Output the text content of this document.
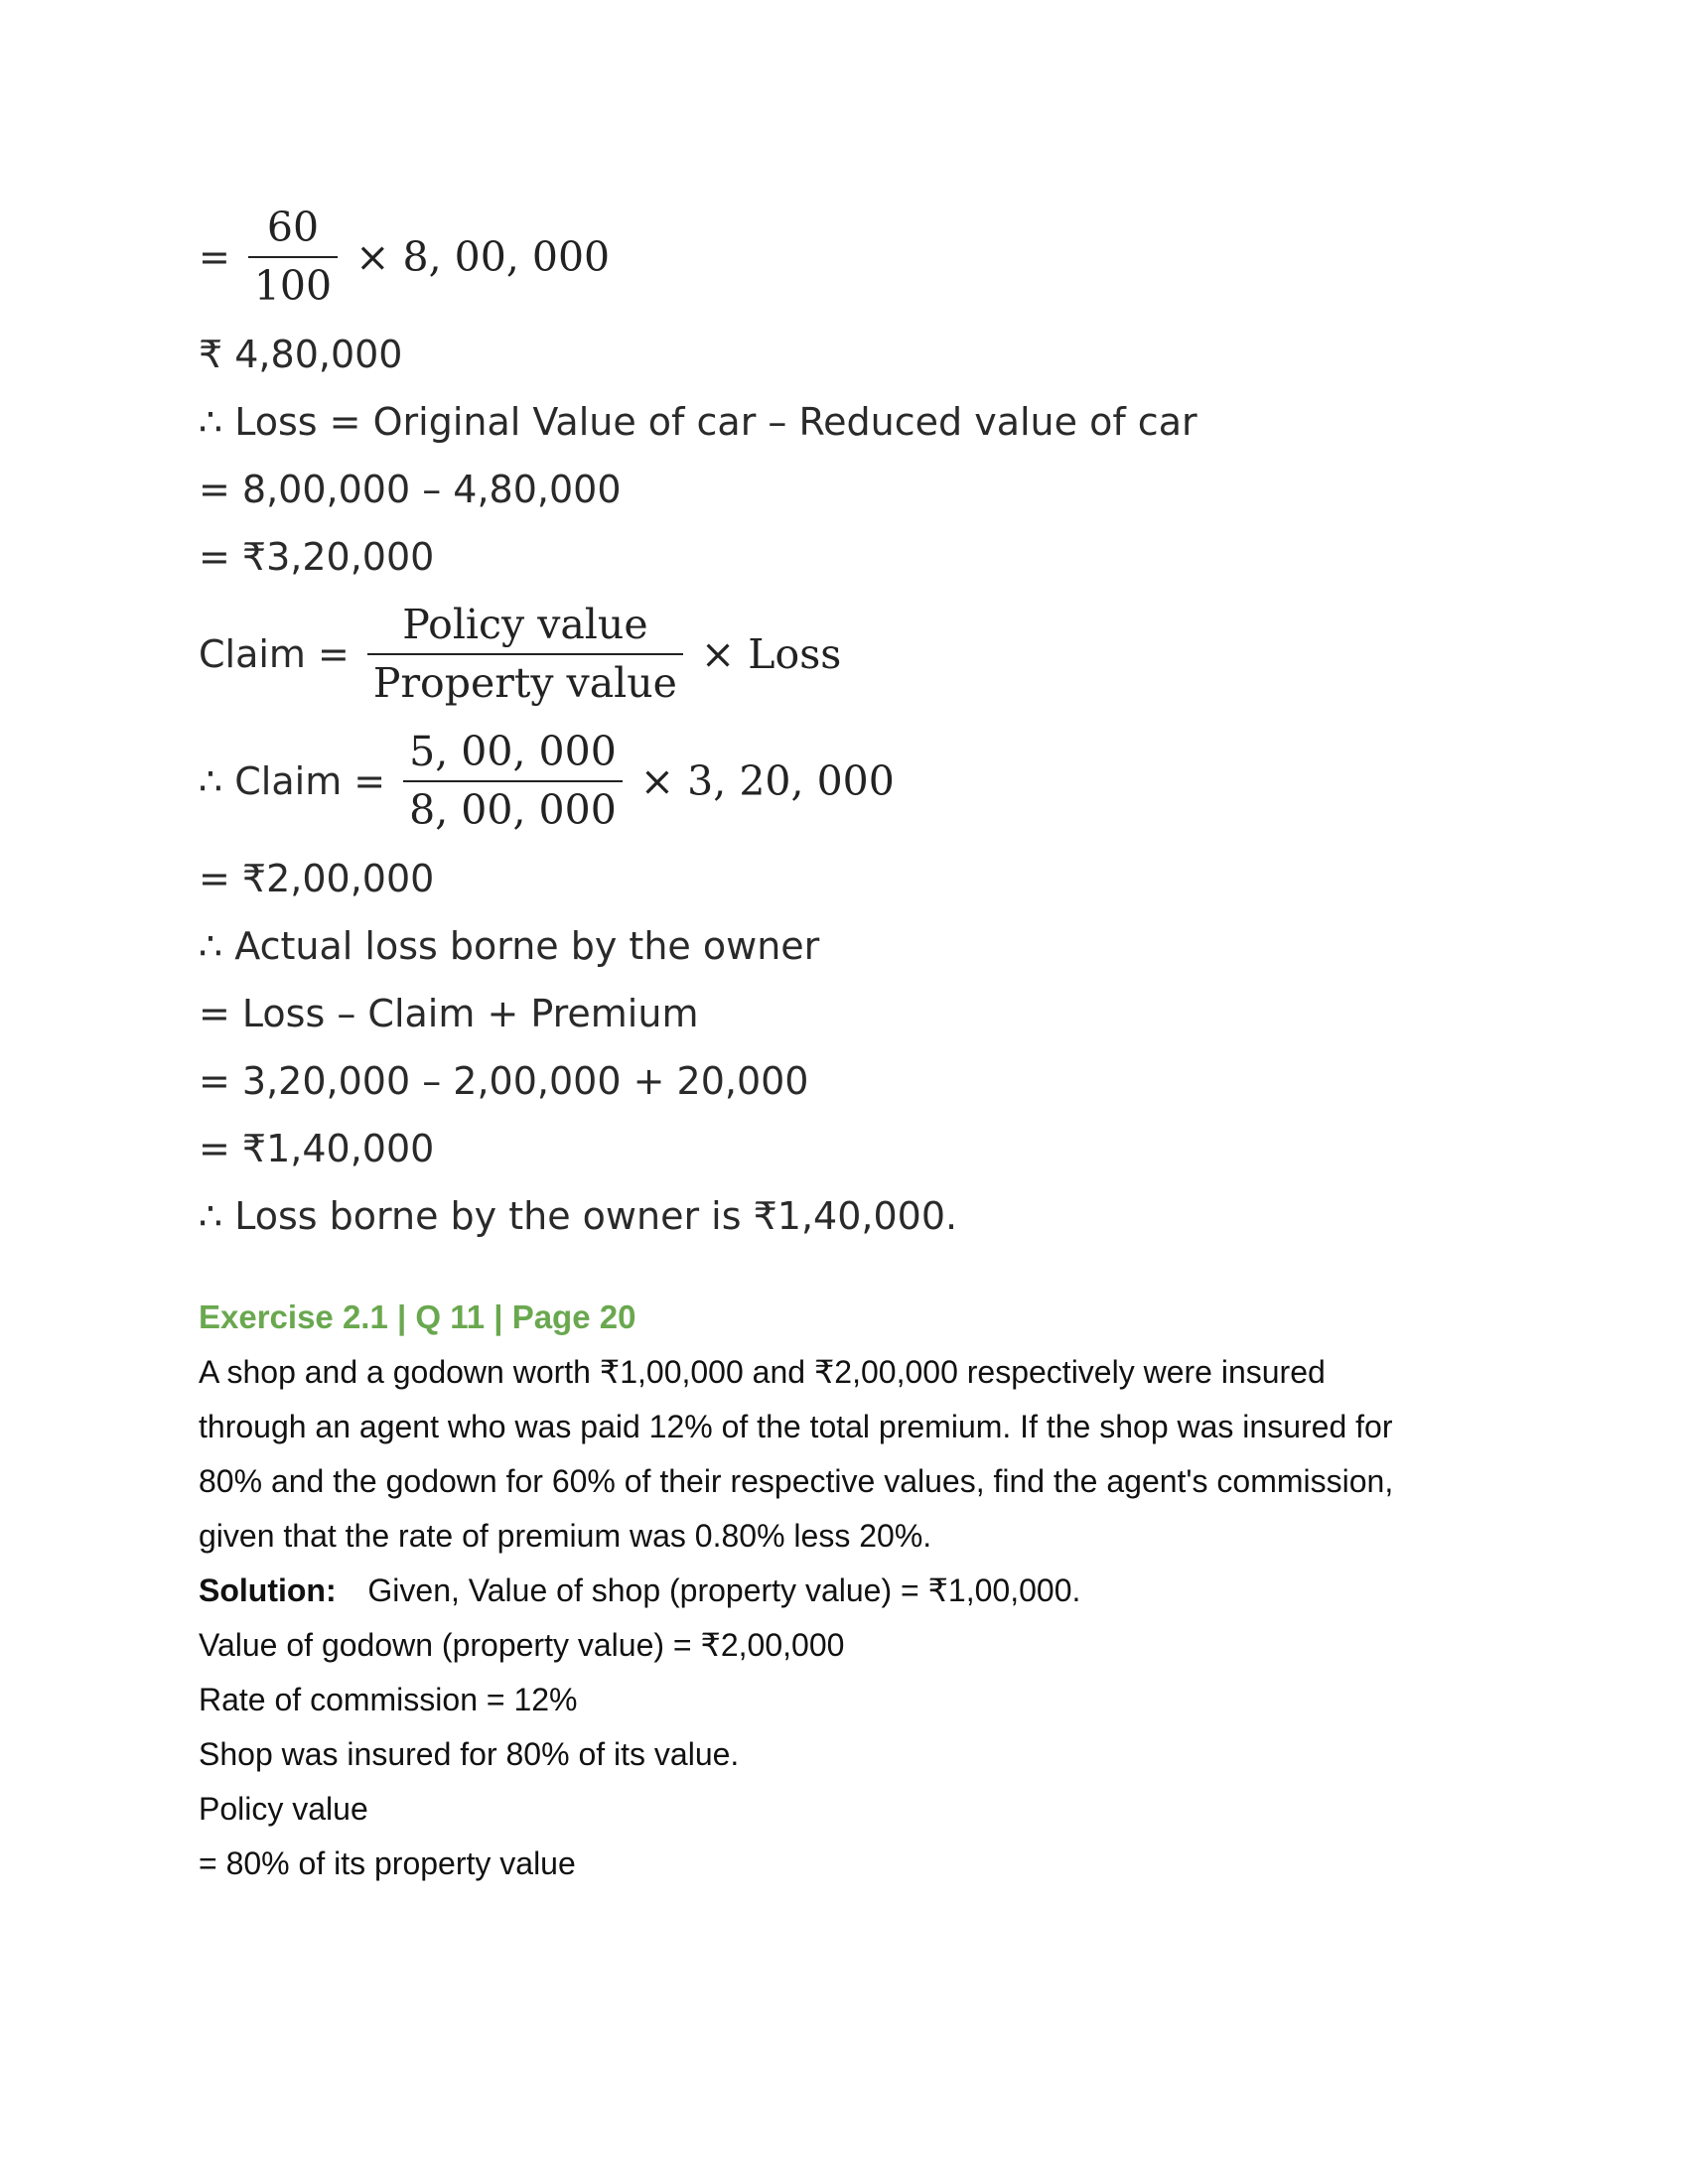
= $\frac{60}{100} \times 8$, 00, 000
₹ 4,80,000
∴ Loss = Original Value of car – Reduced value of car
= 8,00,000 – 4,80,000
= ₹3,20,000
Claim = $\frac{\text{Policy value}}{\text{Property value}}$ × Loss
∴ Claim = $\frac{5, 00, 000}{8, 00, 000} \times 3$, 20, 000
= ₹2,00,000
∴ Actual loss borne by the owner
= Loss – Claim + Premium
= 3,20,000 – 2,00,000 + 20,000
= ₹1,40,000
∴ Loss borne by the owner is ₹1,40,000.
Exercise 2.1 | Q 11 | Page 20
A shop and a godown worth ₹1,00,000 and ₹2,00,000 respectively were insured
through an agent who was paid 12% of the total premium. If the shop was insured for
80% and the godown for 60% of their respective values, find the agent's commission,
given that the rate of premium was 0.80% less 20%.
Solution: Given, Value of shop (property value) = ₹1,00,000.
Value of godown (property value) = ₹2,00,000
Rate of commission = 12%
Shop was insured for 80% of its value.
Policy value
= 80% of its property value
